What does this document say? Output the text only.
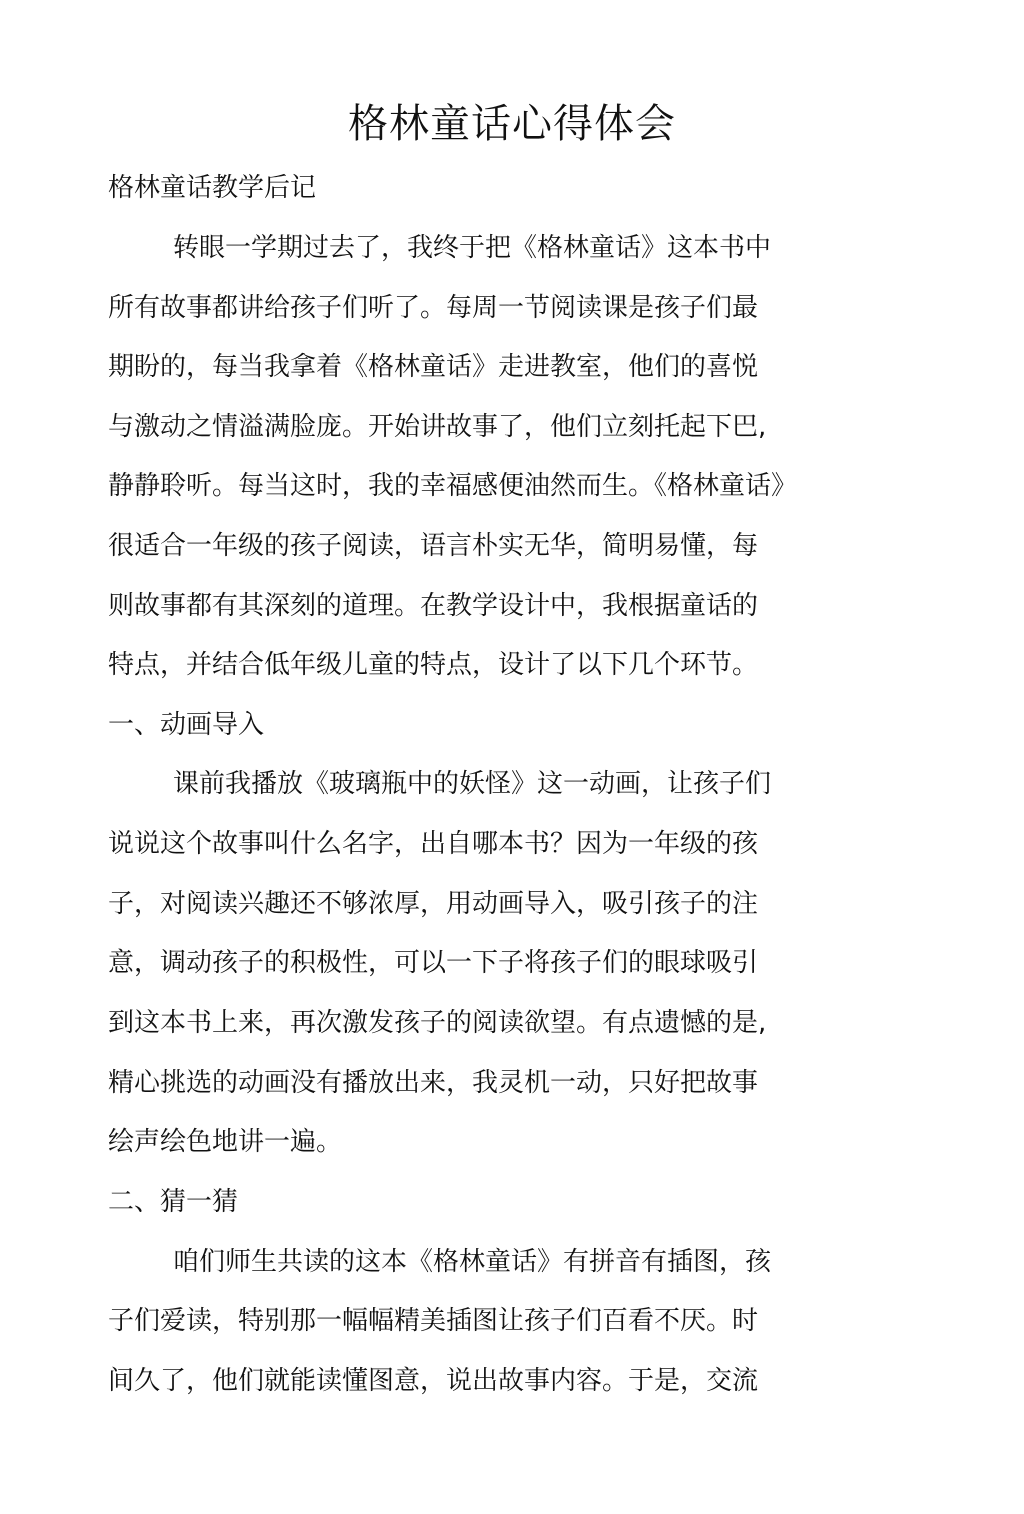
格林童话心得体会
格林童话教学后记
转眼一学期过去了，我终于把《格林童话》这本书中
所有故事都讲给孩子们听了。每周一节阅读课是孩子们最
期盼的，每当我拿着《格林童话》走进教室，他们的喜悦
与激动之情溢满脸庞。开始讲故事了，他们立刻托起下巴,
静静聆听。每当这时，我的幸福感便油然而生。《格林童话》
很适合一年级的孩子阅读，语言朴实无华，简明易懂，每
则故事都有其深刻的道理。在教学设计中，我根据童话的
特点，并结合低年级儿童的特点，设计了以下几个环节。
一、动画导入
课前我播放《玻璃瓶中的妖怪》这一动画，让孩子们
说说这个故事叫什么名字，出自哪本书？因为一年级的孩
子，对阅读兴趣还不够浓厚，用动画导入，吸引孩子的注
意，调动孩子的积极性，可以一下子将孩子们的眼球吸引
到这本书上来，再次激发孩子的阅读欲望。有点遗憾的是,
精心挑选的动画没有播放出来，我灵机一动，只好把故事
绘声绘色地讲一遍。
二、猜一猜
咱们师生共读的这本《格林童话》有拼音有插图，孩
子们爱读，特别那一幅幅精美插图让孩子们百看不厌。时
间久了，他们就能读懂图意，说出故事内容。于是，交流
